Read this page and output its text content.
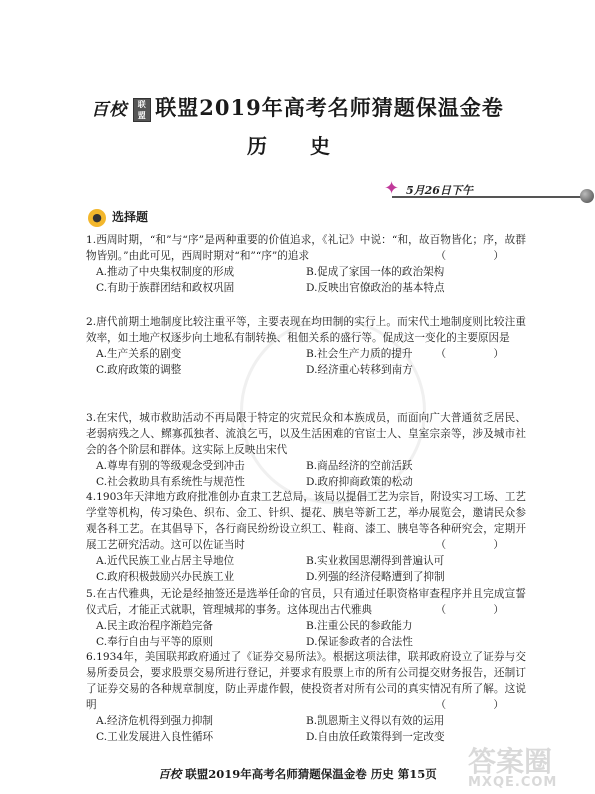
百校 联盟 联盟2019年高考名师猜题保温金卷
历 史
✦ 5月26日下午
● 选择题
1.西周时期，“和”与“序”是两种重要的价值追求，《礼记》中说：“和，故百物皆化；序，故群物皆别。”由此可见，西周时期对“和”“序”的追求	（ ）
A.推动了中央集权制度的形成	B.促成了家国一体的政治架构
C.有助于族群团结和政权巩固	D.反映出官僚政治的基本特点
2.唐代前期土地制度比较注重平等，主要表现在均田制的实行上。而宋代土地制度则比较注重效率，如土地产权逐步向土地私有制转换、租佃关系的盛行等。促成这一变化的主要原因是
（ ）
A.生产关系的剧变	B.社会生产力质的提升
C.政府政策的调整	D.经济重心转移到南方
3.在宋代，城市救助活动不再局限于特定的灾荒民众和本族成员，而面向广大普通贫乏居民、老弱病残之人、鳏寡孤独者、流浪乞丐，以及生活困难的官宦士人、皇室宗亲等，涉及城市社会的各个阶层和群体。这实际上反映出宋代
A.尊卑有别的等级观念受到冲击	B.商品经济的空前活跃
C.社会救助具有系统性与规范性	D.政府抑商政策的松动
4.1903年天津地方政府批准创办直隶工艺总局，该局以提倡工艺为宗旨，附设实习工场、工艺学堂等机构，传习染色、织布、金工、针织、提花、胰皂等新工艺，举办展览会，邀请民众参观各科工艺。在其倡导下，各行商民纷纷设立织工、鞋商、漆工、胰皂等各种研究会，定期开展工艺研究活动。这可以佐证当时	（ ）
A.近代民族工业占居主导地位	B.实业救国思潮得到普遍认可
C.政府积极鼓励兴办民族工业	D.列强的经济侵略遭到了抑制
5.在古代雅典，无论是经抽签还是选举任命的官员，只有通过任职资格审查程序并且完成宣誓仪式后，才能正式就职，管理城邦的事务。这体现出古代雅典	（ ）
A.民主政治程序渐趋完备	B.注重公民的参政能力
C.奉行自由与平等的原则	D.保证参政者的合法性
6.1934年，美国联邦政府通过了《证券交易所法》。根据这项法律，联邦政府设立了证券与交易所委员会，要求股票交易所进行登记，并要求有股票上市的所有公司提交财务报告，还制订了证券交易的各种规章制度，防止弄虚作假，使投资者对所有公司的真实情况有所了解。这说明	（ ）
A.经济危机得到强力抑制	B.凯恩斯主义得以有效的运用
C.工业发展进入良性循环	D.自由放任政策得到一定改变
百校 联盟2019年高考名师猜题保温金卷 历史 第15页	答案圈
MXQE.COM
